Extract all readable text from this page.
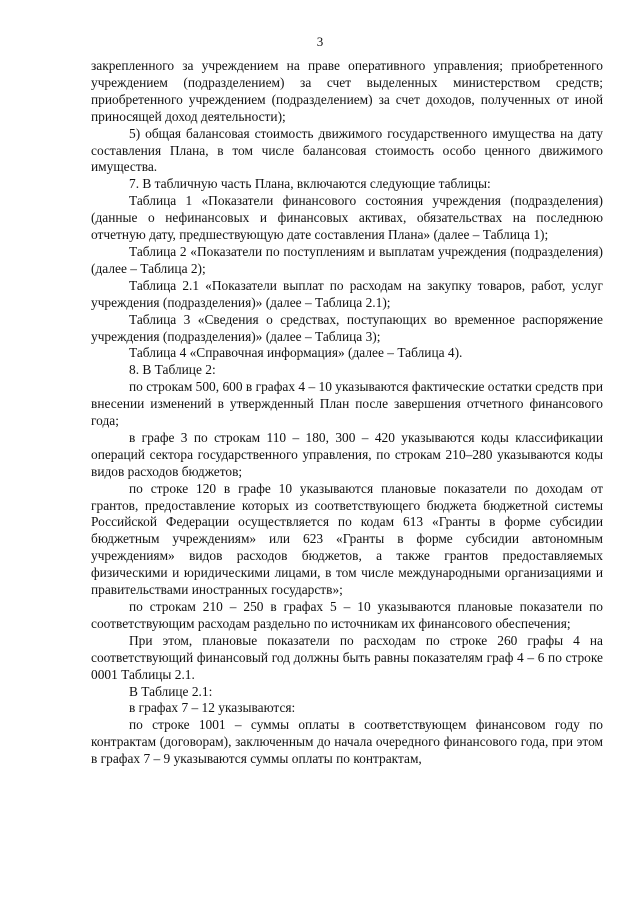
3

закрепленного за учреждением на праве оперативного управления; приобретенного учреждением (подразделением) за счет выделенных министерством средств; приобретенного учреждением (подразделением) за счет доходов, полученных от иной приносящей доход деятельности);

5) общая балансовая стоимость движимого государственного имущества на дату составления Плана, в том числе балансовая стоимость особо ценного движимого имущества.

7. В табличную часть Плана, включаются следующие таблицы:

Таблица 1 «Показатели финансового состояния учреждения (подразделения) (данные о нефинансовых и финансовых активах, обязательствах на последнюю отчетную дату, предшествующую дате составления Плана» (далее – Таблица 1);

Таблица 2 «Показатели по поступлениям и выплатам учреждения (подразделения) (далее – Таблица 2);

Таблица 2.1 «Показатели выплат по расходам на закупку товаров, работ, услуг учреждения (подразделения)» (далее – Таблица 2.1);

Таблица 3 «Сведения о средствах, поступающих во временное распоряжение учреждения (подразделения)» (далее – Таблица 3);

Таблица 4 «Справочная информация» (далее – Таблица 4).

8. В Таблице 2:

по строкам 500, 600 в графах 4 – 10 указываются фактические остатки средств при внесении изменений в утвержденный План после завершения отчетного финансового года;

в графе 3 по строкам 110 – 180, 300 – 420 указываются коды классификации операций сектора государственного управления, по строкам 210–280 указываются коды видов расходов бюджетов;

по строке 120 в графе 10 указываются плановые показатели по доходам от грантов, предоставление которых из соответствующего бюджета бюджетной системы Российской Федерации осуществляется по кодам 613 «Гранты в форме субсидии бюджетным учреждениям» или 623 «Гранты в форме субсидии автономным учреждениям» видов расходов бюджетов, а также грантов предоставляемых физическими и юридическими лицами, в том числе международными организациями и правительствами иностранных государств»;

по строкам 210 – 250 в графах 5 – 10 указываются плановые показатели по соответствующим расходам раздельно по источникам их финансового обеспечения;

При этом, плановые показатели по расходам по строке 260 графы 4 на соответствующий финансовый год должны быть равны показателям граф 4 – 6 по строке 0001 Таблицы 2.1.

В Таблице 2.1:

в графах 7 – 12 указываются:

по строке 1001 – суммы оплаты в соответствующем финансовом году по контрактам (договорам), заключенным до начала очередного финансового года, при этом в графах 7 – 9 указываются суммы оплаты по контрактам,
